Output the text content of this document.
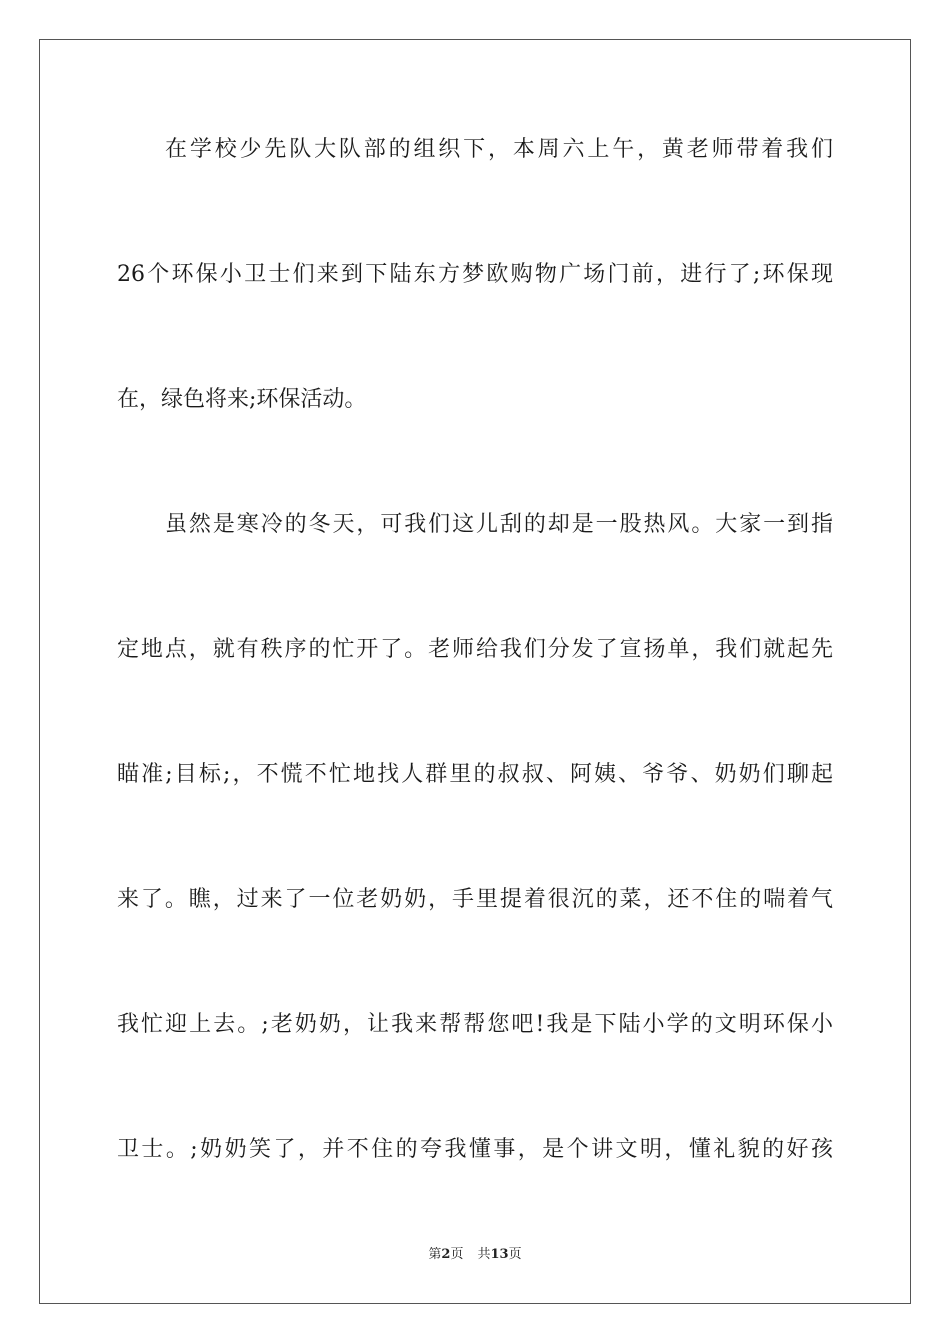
在学校少先队大队部的组织下，本周六上午，黄老师带着我们
26个环保小卫士们来到下陆东方梦欧购物广场门前，进行了;环保现
在，绿色将来;环保活动。
虽然是寒冷的冬天，可我们这儿刮的却是一股热风。大家一到指
定地点，就有秩序的忙开了。老师给我们分发了宣扬单，我们就起先
瞄准;目标;，不慌不忙地找人群里的叔叔、阿姨、爷爷、奶奶们聊起
来了。瞧，过来了一位老奶奶，手里提着很沉的菜，还不住的喘着气
我忙迎上去。;老奶奶，让我来帮帮您吧!我是下陆小学的文明环保小
卫士。;奶奶笑了，并不住的夸我懂事，是个讲文明，懂礼貌的好孩
第2页 共13页
